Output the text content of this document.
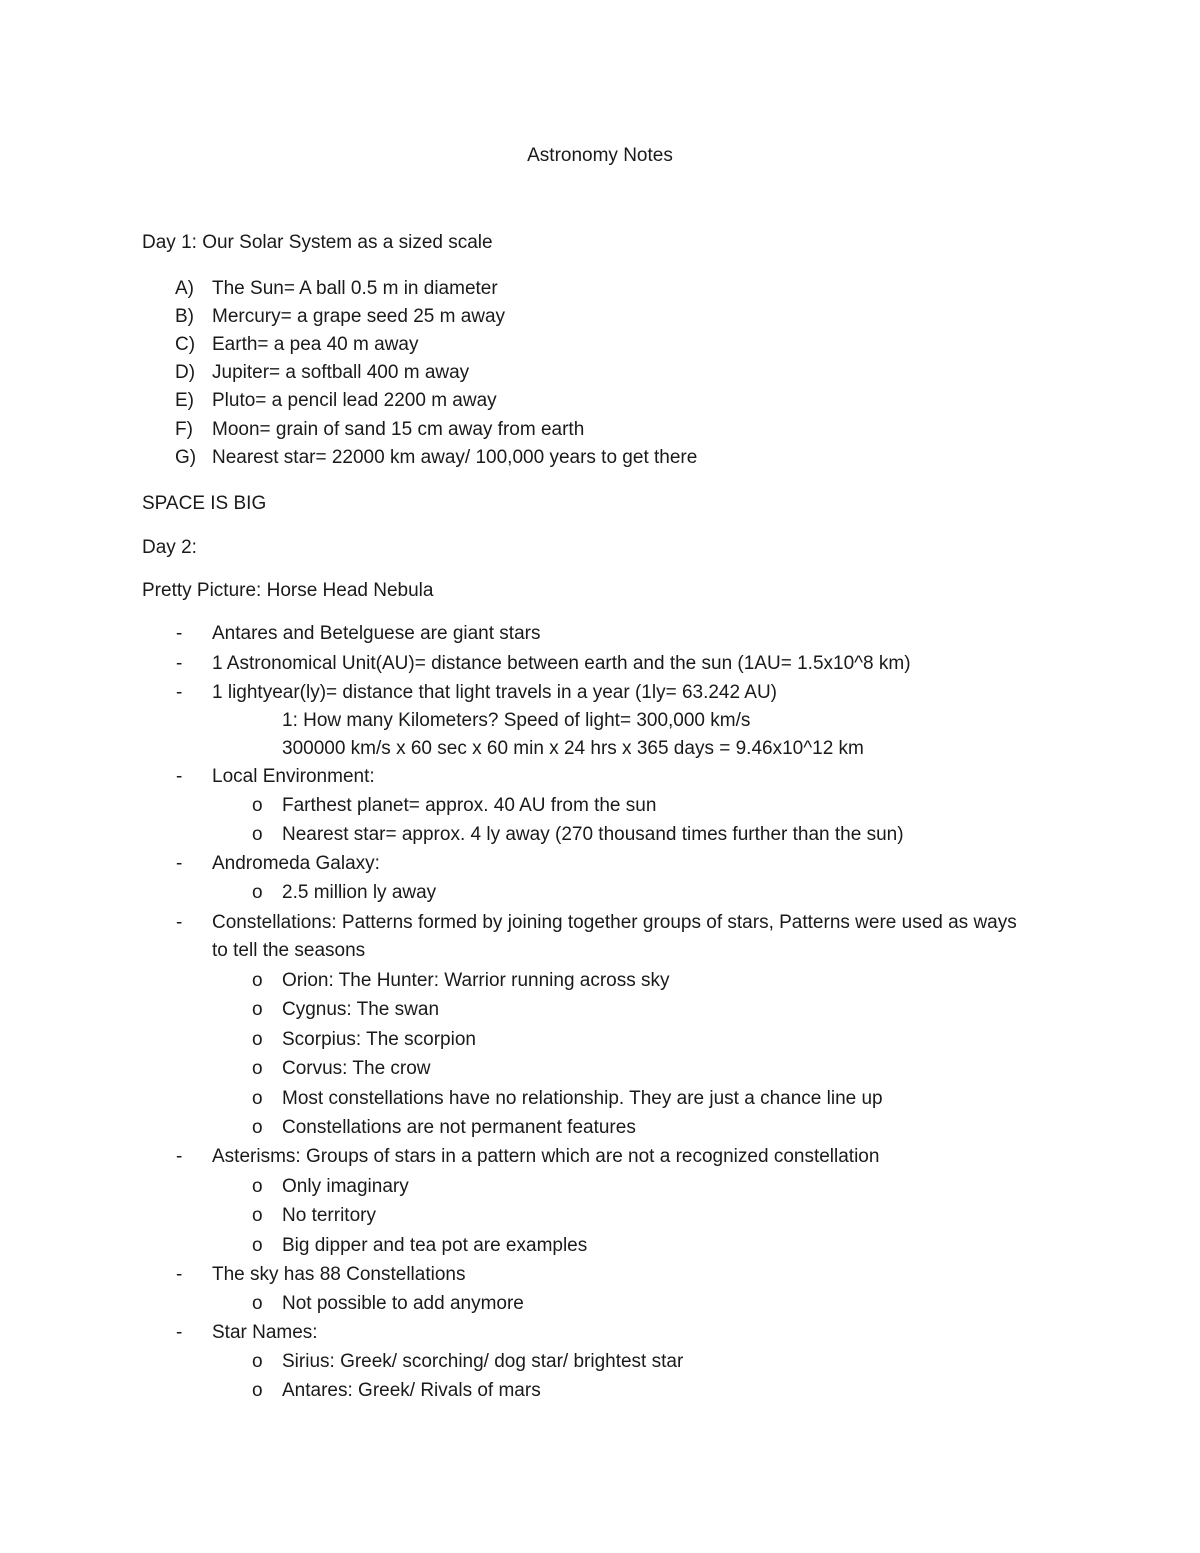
Astronomy Notes
Day 1: Our Solar System as a sized scale
A) The Sun= A ball 0.5 m in diameter
B) Mercury= a grape seed 25 m away
C) Earth= a pea 40 m away
D) Jupiter= a softball 400 m away
E) Pluto= a pencil lead 2200 m away
F) Moon= grain of sand 15 cm away from earth
G) Nearest star= 22000 km away/ 100,000 years to get there
SPACE IS BIG
Day 2:
Pretty Picture: Horse Head Nebula
- Antares and Betelguese are giant stars
- 1 Astronomical Unit(AU)= distance between earth and the sun (1AU= 1.5x10^8 km)
- 1 lightyear(ly)= distance that light travels in a year (1ly= 63.242 AU)
1: How many Kilometers? Speed of light= 300,000 km/s
300000 km/s x 60 sec x 60 min x 24 hrs x 365 days = 9.46x10^12 km
- Local Environment:
o Farthest planet= approx. 40 AU from the sun
o Nearest star= approx. 4 ly away (270 thousand times further than the sun)
- Andromeda Galaxy:
o 2.5 million ly away
- Constellations: Patterns formed by joining together groups of stars, Patterns were used as ways
to tell the seasons
o Orion: The Hunter: Warrior running across sky
o Cygnus: The swan
o Scorpius: The scorpion
o Corvus: The crow
o Most constellations have no relationship. They are just a chance line up
o Constellations are not permanent features
- Asterisms: Groups of stars in a pattern which are not a recognized constellation
o Only imaginary
o No territory
o Big dipper and tea pot are examples
- The sky has 88 Constellations
o Not possible to add anymore
- Star Names:
o Sirius: Greek/ scorching/ dog star/ brightest star
o Antares: Greek/ Rivals of mars
